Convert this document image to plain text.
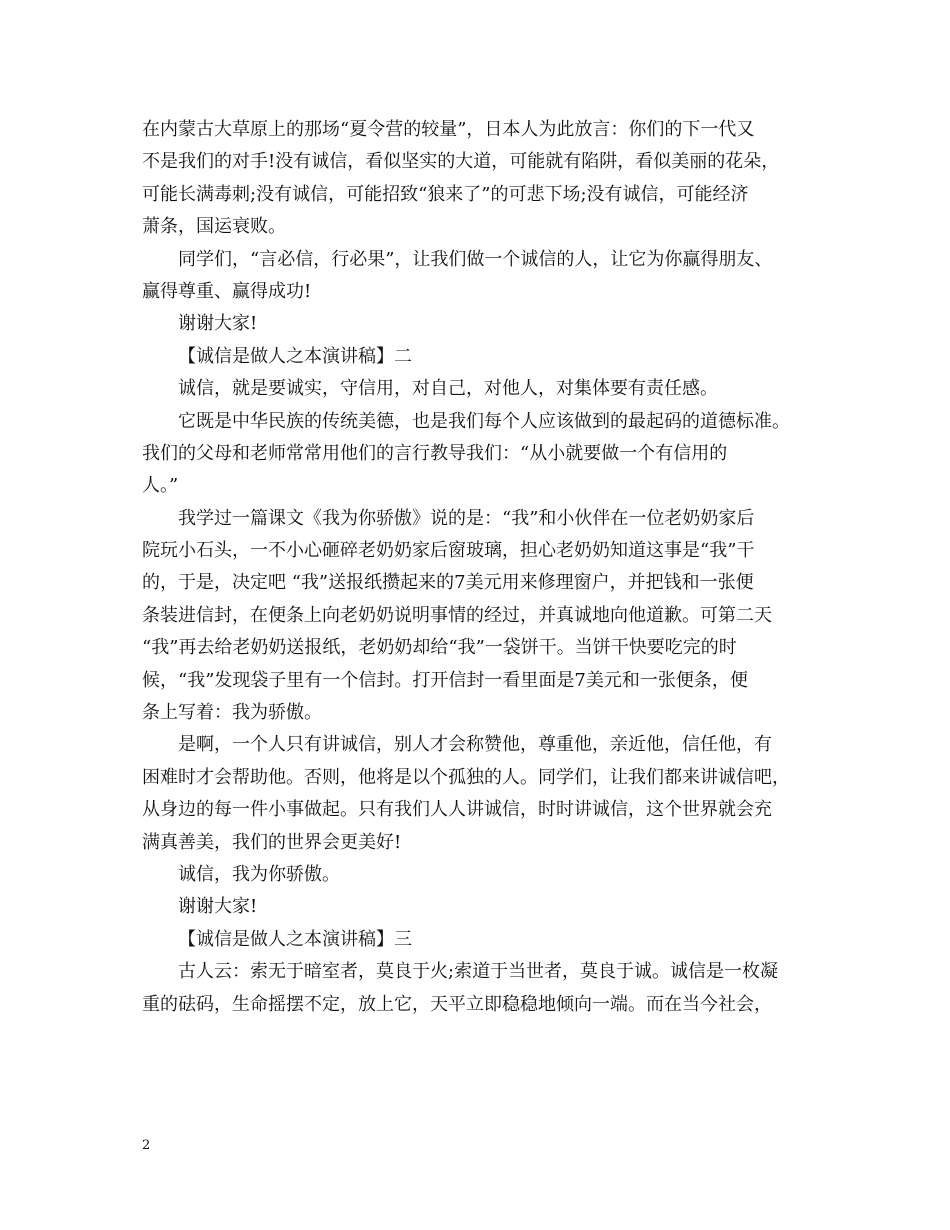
在内蒙古大草原上的那场“夏令营的较量”，日本人为此放言：你们的下一代又
不是我们的对手!没有诚信，看似坚实的大道，可能就有陷阱，看似美丽的花朵，
可能长满毒刺;没有诚信，可能招致“狼来了”的可悲下场;没有诚信，可能经济
萧条，国运衰败。
同学们，“言必信，行必果”，让我们做一个诚信的人，让它为你赢得朋友、
赢得尊重、赢得成功!
谢谢大家!
【诚信是做人之本演讲稿】二
诚信，就是要诚实，守信用，对自己，对他人，对集体要有责任感。
它既是中华民族的传统美德，也是我们每个人应该做到的最起码的道德标准。
我们的父母和老师常常用他们的言行教导我们：“从小就要做一个有信用的
人。”
我学过一篇课文《我为你骄傲》说的是：“我”和小伙伴在一位老奶奶家后
院玩小石头，一不小心砸碎老奶奶家后窗玻璃，担心老奶奶知道这事是“我”干
的，于是，决定吧 “我”送报纸攒起来的7美元用来修理窗户，并把钱和一张便
条装进信封，在便条上向老奶奶说明事情的经过，并真诚地向他道歉。可第二天
“我”再去给老奶奶送报纸，老奶奶却给“我”一袋饼干。当饼干快要吃完的时
候，“我”发现袋子里有一个信封。打开信封一看里面是7美元和一张便条，便
条上写着：我为骄傲。
是啊，一个人只有讲诚信，别人才会称赞他，尊重他，亲近他，信任他，有
困难时才会帮助他。否则，他将是以个孤独的人。同学们，让我们都来讲诚信吧，
从身边的每一件小事做起。只有我们人人讲诚信，时时讲诚信，这个世界就会充
满真善美，我们的世界会更美好!
诚信，我为你骄傲。
谢谢大家!
【诚信是做人之本演讲稿】三
古人云：索无于暗室者，莫良于火;索道于当世者，莫良于诚。诚信是一枚凝
重的砝码，生命摇摆不定，放上它，天平立即稳稳地倾向一端。而在当今社会，
2
